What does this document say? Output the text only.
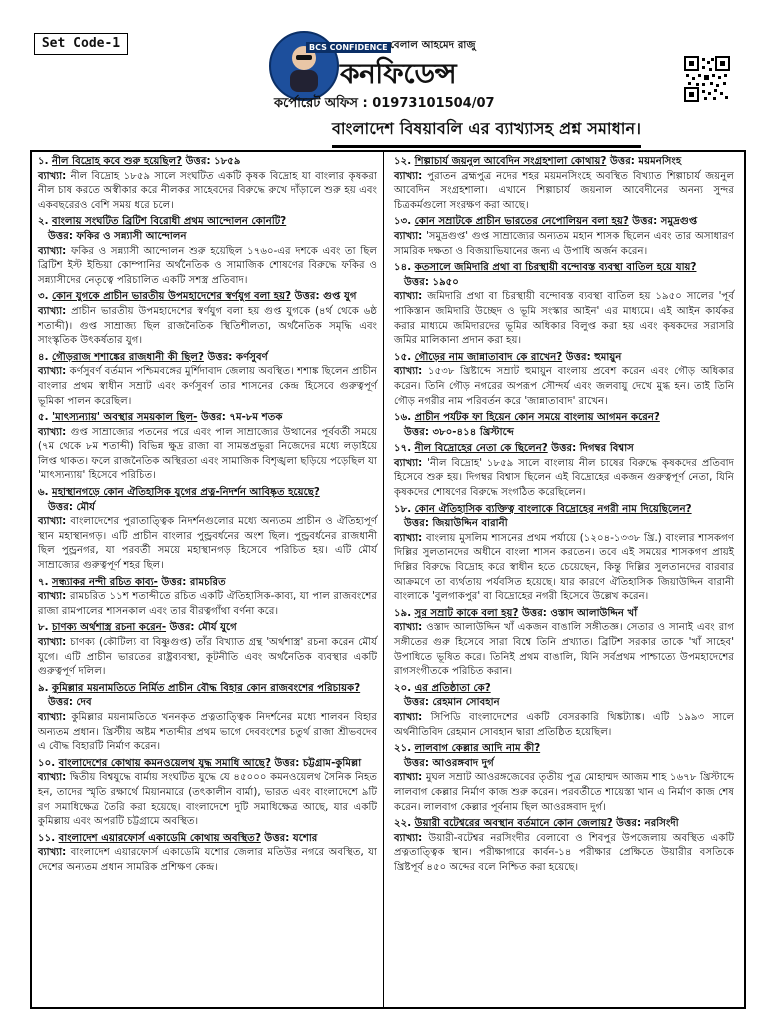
Set Code-1	BCS CONFIDENCE বেলাল আহমেদ রাজু
কনফিডেন্স
কর্পোরেট অফিস : 01973101504/07
বাংলাদেশ বিষয়াবলি এর ব্যাখ্যাসহ প্রশ্ন সমাধান।
১. নীল বিদ্রোহ কবে শুরু হয়েছিল? উত্তর: ১৮৫৯
ব্যাখ্যা: নীল বিদ্রোহ ১৮৫৯ সালে সংঘটিত একটি কৃষক বিদ্রোহ যা বাংলার কৃষকরা নীল চাষ করতে অস্বীকার করে নীলকর সাহেবদের বিরুদ্ধে রুখে দাঁড়ালে শুরু হয় এবং একবছরেরও বেশি সময় ধরে চলে।
২. বাংলায় সংঘটিত ব্রিটিশ বিরোধী প্রথম আন্দোলন কোনটি?
উত্তর: ফকির ও সন্ন্যাসী আন্দোলন
ব্যাখ্যা: ফকির ও সন্ন্যাসী আন্দোলন শুরু হয়েছিল ১৭৬০-এর দশকে এবং তা ছিল ব্রিটিশ ইস্ট ইন্ডিয়া কোম্পানির অর্থনৈতিক ও সামাজিক শোষণের বিরুদ্ধে ফকির ও সন্ন্যাসীদের নেতৃত্বে পরিচালিত একটি সশস্ত্র প্রতিবাদ।
৩. কোন যুগকে প্রাচীন ভারতীয় উপমহাদেশের স্বর্ণযুগ বলা হয়? উত্তর: গুপ্ত যুগ
ব্যাখ্যা: প্রাচীন ভারতীয় উপমহাদেশের স্বর্ণযুগ বলা হয় গুপ্ত যুগকে (৪র্থ থেকে ৬ষ্ঠ শতাব্দী)। গুপ্ত সাম্রাজ্য ছিল রাজনৈতিক স্থিতিশীলতা, অর্থনৈতিক সমৃদ্ধি এবং সাংস্কৃতিক উৎকর্ষতার যুগ।
৪. গৌড়রাজ শশাঙ্কের রাজধানী কী ছিল? উত্তর: কর্ণসুবর্ণ
ব্যাখ্যা: কর্ণসুবর্ণ বর্তমান পশ্চিমবঙ্গের মুর্শিদাবাদ জেলায় অবস্থিত। শশাঙ্ক ছিলেন প্রাচীন বাংলার প্রথম স্বাধীন সম্রাট এবং কর্ণসুবর্ণ তার শাসনের কেন্দ্র হিসেবে গুরুত্বপূর্ণ ভূমিকা পালন করেছিল।
৫. 'মাৎস্যন্যায়' অবস্থার সময়কাল ছিল- উত্তর: ৭ম-৮ম শতক
ব্যাখ্যা: গুপ্ত সাম্রাজ্যের পতনের পরে এবং পাল সাম্রাজ্যের উত্থানের পূর্ববর্তী সময়ে (৭ম থেকে ৮ম শতাব্দী) বিভিন্ন ক্ষুদ্র রাজা বা সামন্তপ্রভুরা নিজেদের মধ্যে লড়াইয়ে লিপ্ত থাকত। ফলে রাজনৈতিক অস্থিরতা এবং সামাজিক বিশৃঙ্খলা ছড়িয়ে পড়েছিল যা 'মাৎস্যন্যায়' হিসেবে পরিচিত।
৬. মহাস্থানগড়ে কোন ঐতিহাসিক যুগের প্রত্ন-নিদর্শন আবিষ্কৃত হয়েছে?
উত্তর: মৌর্য
ব্যাখ্যা: বাংলাদেশের পুরাতাত্ত্বিক নিদর্শনগুলোর মধ্যে অন্যতম প্রাচীন ও ঐতিহ্যপূর্ণ স্থান মহাস্থানগড়। এটি প্রাচীন বাংলার পুন্ড্রবর্ধনের অংশ ছিল। পুন্ড্রবর্ধনের রাজধানী ছিল পুন্ড্রনগর, যা পরবর্তী সময়ে মহাস্থানগড় হিসেবে পরিচিত হয়। এটি মৌর্য সাম্রাজ্যের গুরুত্বপূর্ণ শহর ছিল।
৭. সন্ধ্যাকর নন্দী রচিত কাব্য- উত্তর: রামচরিত
ব্যাখ্যা: রামচরিত ১১শ শতাব্দীতে রচিত একটি ঐতিহাসিক-কাব্য, যা পাল রাজবংশের রাজা রামপালের শাসনকাল এবং তার বীরত্বগাঁথা বর্ণনা করে।
৮. চাণক্য অর্থশাস্ত্র রচনা করেন- উত্তর: মৌর্য যুগে
ব্যাখ্যা: চাণক্য (কৌটিল্য বা বিষ্ণুগুপ্ত) তাঁর বিখ্যাত গ্রন্থ 'অর্থশাস্ত্র' রচনা করেন মৌর্য যুগে। এটি প্রাচীন ভারতের রাষ্ট্রব্যবস্থা, কূটনীতি এবং অর্থনৈতিক ব্যবস্থার একটি গুরুত্বপূর্ণ দলিল।
৯. কুমিল্লার ময়নামতিতে নির্মিত প্রাচীন বৌদ্ধ বিহার কোন রাজবংশের পরিচায়ক?
উত্তর: দেব
ব্যাখ্যা: কুমিল্লার ময়নামতিতে খননকৃত প্রত্নতাত্ত্বিক নিদর্শনের মধ্যে শালবন বিহার অন্যতম প্রধান। খ্রিস্টীয় অষ্টম শতাব্দীর প্রথম ভাগে দেববংশের চতুর্থ রাজা শ্রীভবদেব এ বৌদ্ধ বিহারটি নির্মাণ করেন।
১০. বাংলাদেশের কোথায় কমনওয়েলথ যুদ্ধ সমাধি আছে? উত্তর: চট্টগ্রাম-কুমিল্লা
ব্যাখ্যা: দ্বিতীয় বিশ্বযুদ্ধে বার্মায় সংঘটিত যুদ্ধে যে ৪৫০০০ কমনওয়েলথ সৈনিক নিহত হন, তাদের স্মৃতি রক্ষার্থে মিয়ানমারে (তৎকালীন বার্মা), ভারত এবং বাংলাদেশে ৯টি রণ সমাধিক্ষেত্র তৈরি করা হয়েছে। বাংলাদেশে দুটি সমাধিক্ষেত্র আছে, যার একটি কুমিল্লায় এবং অপরটি চট্টগ্রামে অবস্থিত।
১১. বাংলাদেশ এয়ারফোর্স একাডেমি কোথায় অবস্থিত? উত্তর: যশোর
ব্যাখ্যা: বাংলাদেশ এয়ারফোর্স একাডেমি যশোর জেলার মতিউর নগরে অবস্থিত, যা দেশের অন্যতম প্রধান সামরিক প্রশিক্ষণ কেন্দ্র।
১২. শিল্পাচার্য জয়নুল আবেদিন সংগ্রহশালা কোথায়? উত্তর: ময়মনসিংহ
ব্যাখ্যা: পুরাতন ব্রহ্মপুত্র নদের শহর ময়মনসিংহে অবস্থিত বিখ্যাত শিল্পাচার্য জয়নুল আবেদিন সংগ্রহশালা। এখানে শিল্পাচার্য জয়নাল আবেদীনের অনন্য সুন্দর চিত্রকর্মগুলো সংরক্ষণ করা আছে।
১৩. কোন সম্রাটকে প্রাচীন ভারতের নেপোলিয়ন বলা হয়? উত্তর: সমুদ্রগুপ্ত
ব্যাখ্যা: 'সমুদ্রগুপ্ত' গুপ্ত সাম্রাজ্যের অন্যতম মহান শাসক ছিলেন এবং তার অসাধারণ সামরিক দক্ষতা ও বিজয়াভিযানের জন্য এ উপাধি অর্জন করেন।
১৪. কতসালে জমিদারি প্রথা বা চিরস্থায়ী বন্দোবস্ত ব্যবস্থা বাতিল হয়ে যায়?
উত্তর: ১৯৫০
ব্যাখ্যা: জমিদারি প্রথা বা চিরস্থায়ী বন্দোবস্ত ব্যবস্থা বাতিল হয় ১৯৫০ সালের 'পূর্ব পাকিস্তান জমিদারি উচ্ছেদ ও ভূমি সংস্কার আইন' এর মাধ্যমে। এই আইন কার্যকর করার মাধ্যমে জমিদারদের ভূমির অধিকার বিলুপ্ত করা হয় এবং কৃষকদের সরাসরি জমির মালিকানা প্রদান করা হয়।
১৫. গৌড়ের নাম জান্নাতাবাদ কে রাখেন? উত্তর: হুমায়ুন
ব্যাখ্যা: ১৫৩৮ খ্রিষ্টাব্দে সম্রাট হুমায়ুন বাংলায় প্রবেশ করেন এবং গৌড় অধিকার করেন। তিনি গৌড় নগরের অপরূপ সৌন্দর্য এবং জলবায়ু দেখে মুগ্ধ হন। তাই তিনি গৌড় নগরীর নাম পরিবর্তন করে 'জান্নাতাবাদ' রাখেন।
১৬. প্রাচীন পর্যটক ফা হিয়েন কোন সময়ে বাংলায় আগমন করেন?
উত্তর: ৩৮০-৪১৪ খ্রিস্টাব্দে
১৭. নীল বিদ্রোহের নেতা কে ছিলেন? উত্তর: দিগম্বর বিশ্বাস
ব্যাখ্যা: 'নীল বিদ্রোহ' ১৮৫৯ সালে বাংলায় নীল চাষের বিরুদ্ধে কৃষকদের প্রতিবাদ হিসেবে শুরু হয়। দিগম্বর বিশ্বাস ছিলেন এই বিদ্রোহের একজন গুরুত্বপূর্ণ নেতা, যিনি কৃষকদের শোষণের বিরুদ্ধে সংগঠিত করেছিলেন।
১৮. কোন ঐতিহাসিক ব্যক্তিত্ব বাংলাকে বিদ্রোহের নগরী নাম দিয়েছিলেন?
উত্তর: জিয়াউদ্দিন বারানী
ব্যাখ্যা: বাংলায় মুসলিম শাসনের প্রথম পর্যায়ে (১২০৪-১৩৩৮ খ্রি.) বাংলার শাসকগণ দিল্লির সুলতানদের অধীনে বাংলা শাসন করতেন। তবে এই সময়ের শাসকগণ প্রায়ই দিল্লির বিরুদ্ধে বিদ্রোহ করে স্বাধীন হতে চেয়েছেন, কিন্তু দিল্লির সুলতানদের বারবার আক্রমণে তা ব্যর্থতায় পর্যবসিত হয়েছে। যার কারণে ঐতিহাসিক জিয়াউদ্দিন বারানী বাংলাকে 'বুলগাকপুর' বা বিদ্রোহের নগরী হিসেবে উল্লেখ করেন।
১৯. সুর সম্রাট কাকে বলা হয়? উত্তর: ওস্তাদ আলাউদ্দিন খাঁ
ব্যাখ্যা: ওস্তাদ আলাউদ্দিন খাঁ একজন বাঙালি সঙ্গীতজ্ঞ। সেতার ও সানাই এবং রাগ সঙ্গীতের গুরু হিসেবে সারা বিশ্বে তিনি প্রখ্যাত। ব্রিটিশ সরকার তাকে 'খাঁ সাহেব' উপাধিতে ভূষিত করে। তিনিই প্রথম বাঙালি, যিনি সর্বপ্রথম পাশ্চাত্যে উপমহাদেশের রাগসংগীতকে পরিচিত করান।
২০. এর প্রতিষ্ঠাতা কে?
উত্তর: রেহমান সোবহান
ব্যাখ্যা: সিপিডি বাংলাদেশের একটি বেসরকারি থিঙ্কট্যাঙ্ক। এটি ১৯৯৩ সালে অর্থনীতিবিদ রেহমান সোবহান দ্বারা প্রতিষ্ঠিত হয়েছিল।
২১. লালবাগ কেল্লার আদি নাম কী?
উত্তর: আওরঙ্গবাদ দুর্গ
ব্যাখ্যা: মুঘল সম্রাট আওরঙ্গজেবের তৃতীয় পুত্র মোহাম্মদ আজম শাহ ১৬৭৮ খ্রিস্টাব্দে লালবাগ কেল্লার নির্মাণ কাজ শুরু করেন। পরবর্তীতে শায়েস্তা খান এ নির্মাণ কাজ শেষ করেন। লালবাগ কেল্লার পূর্বনাম ছিল আওরঙ্গবাদ দুর্গ।
২২. উয়ারী বটেশ্বরের অবস্থান বর্তমানে কোন জেলায়? উত্তর: নরসিংদী
ব্যাখ্যা: উয়ারী-বটেশ্বর নরসিংদীর বেলাবো ও শিবপুর উপজেলায় অবস্থিত একটি প্রত্নতাত্ত্বিক স্থান। পরীক্ষাগারে কার্বন-১৪ পরীক্ষার প্রেক্ষিতে উয়ারীর বসতিকে খ্রিষ্টপূর্ব ৪৫০ অব্দের বলে নিশ্চিত করা হয়েছে।
